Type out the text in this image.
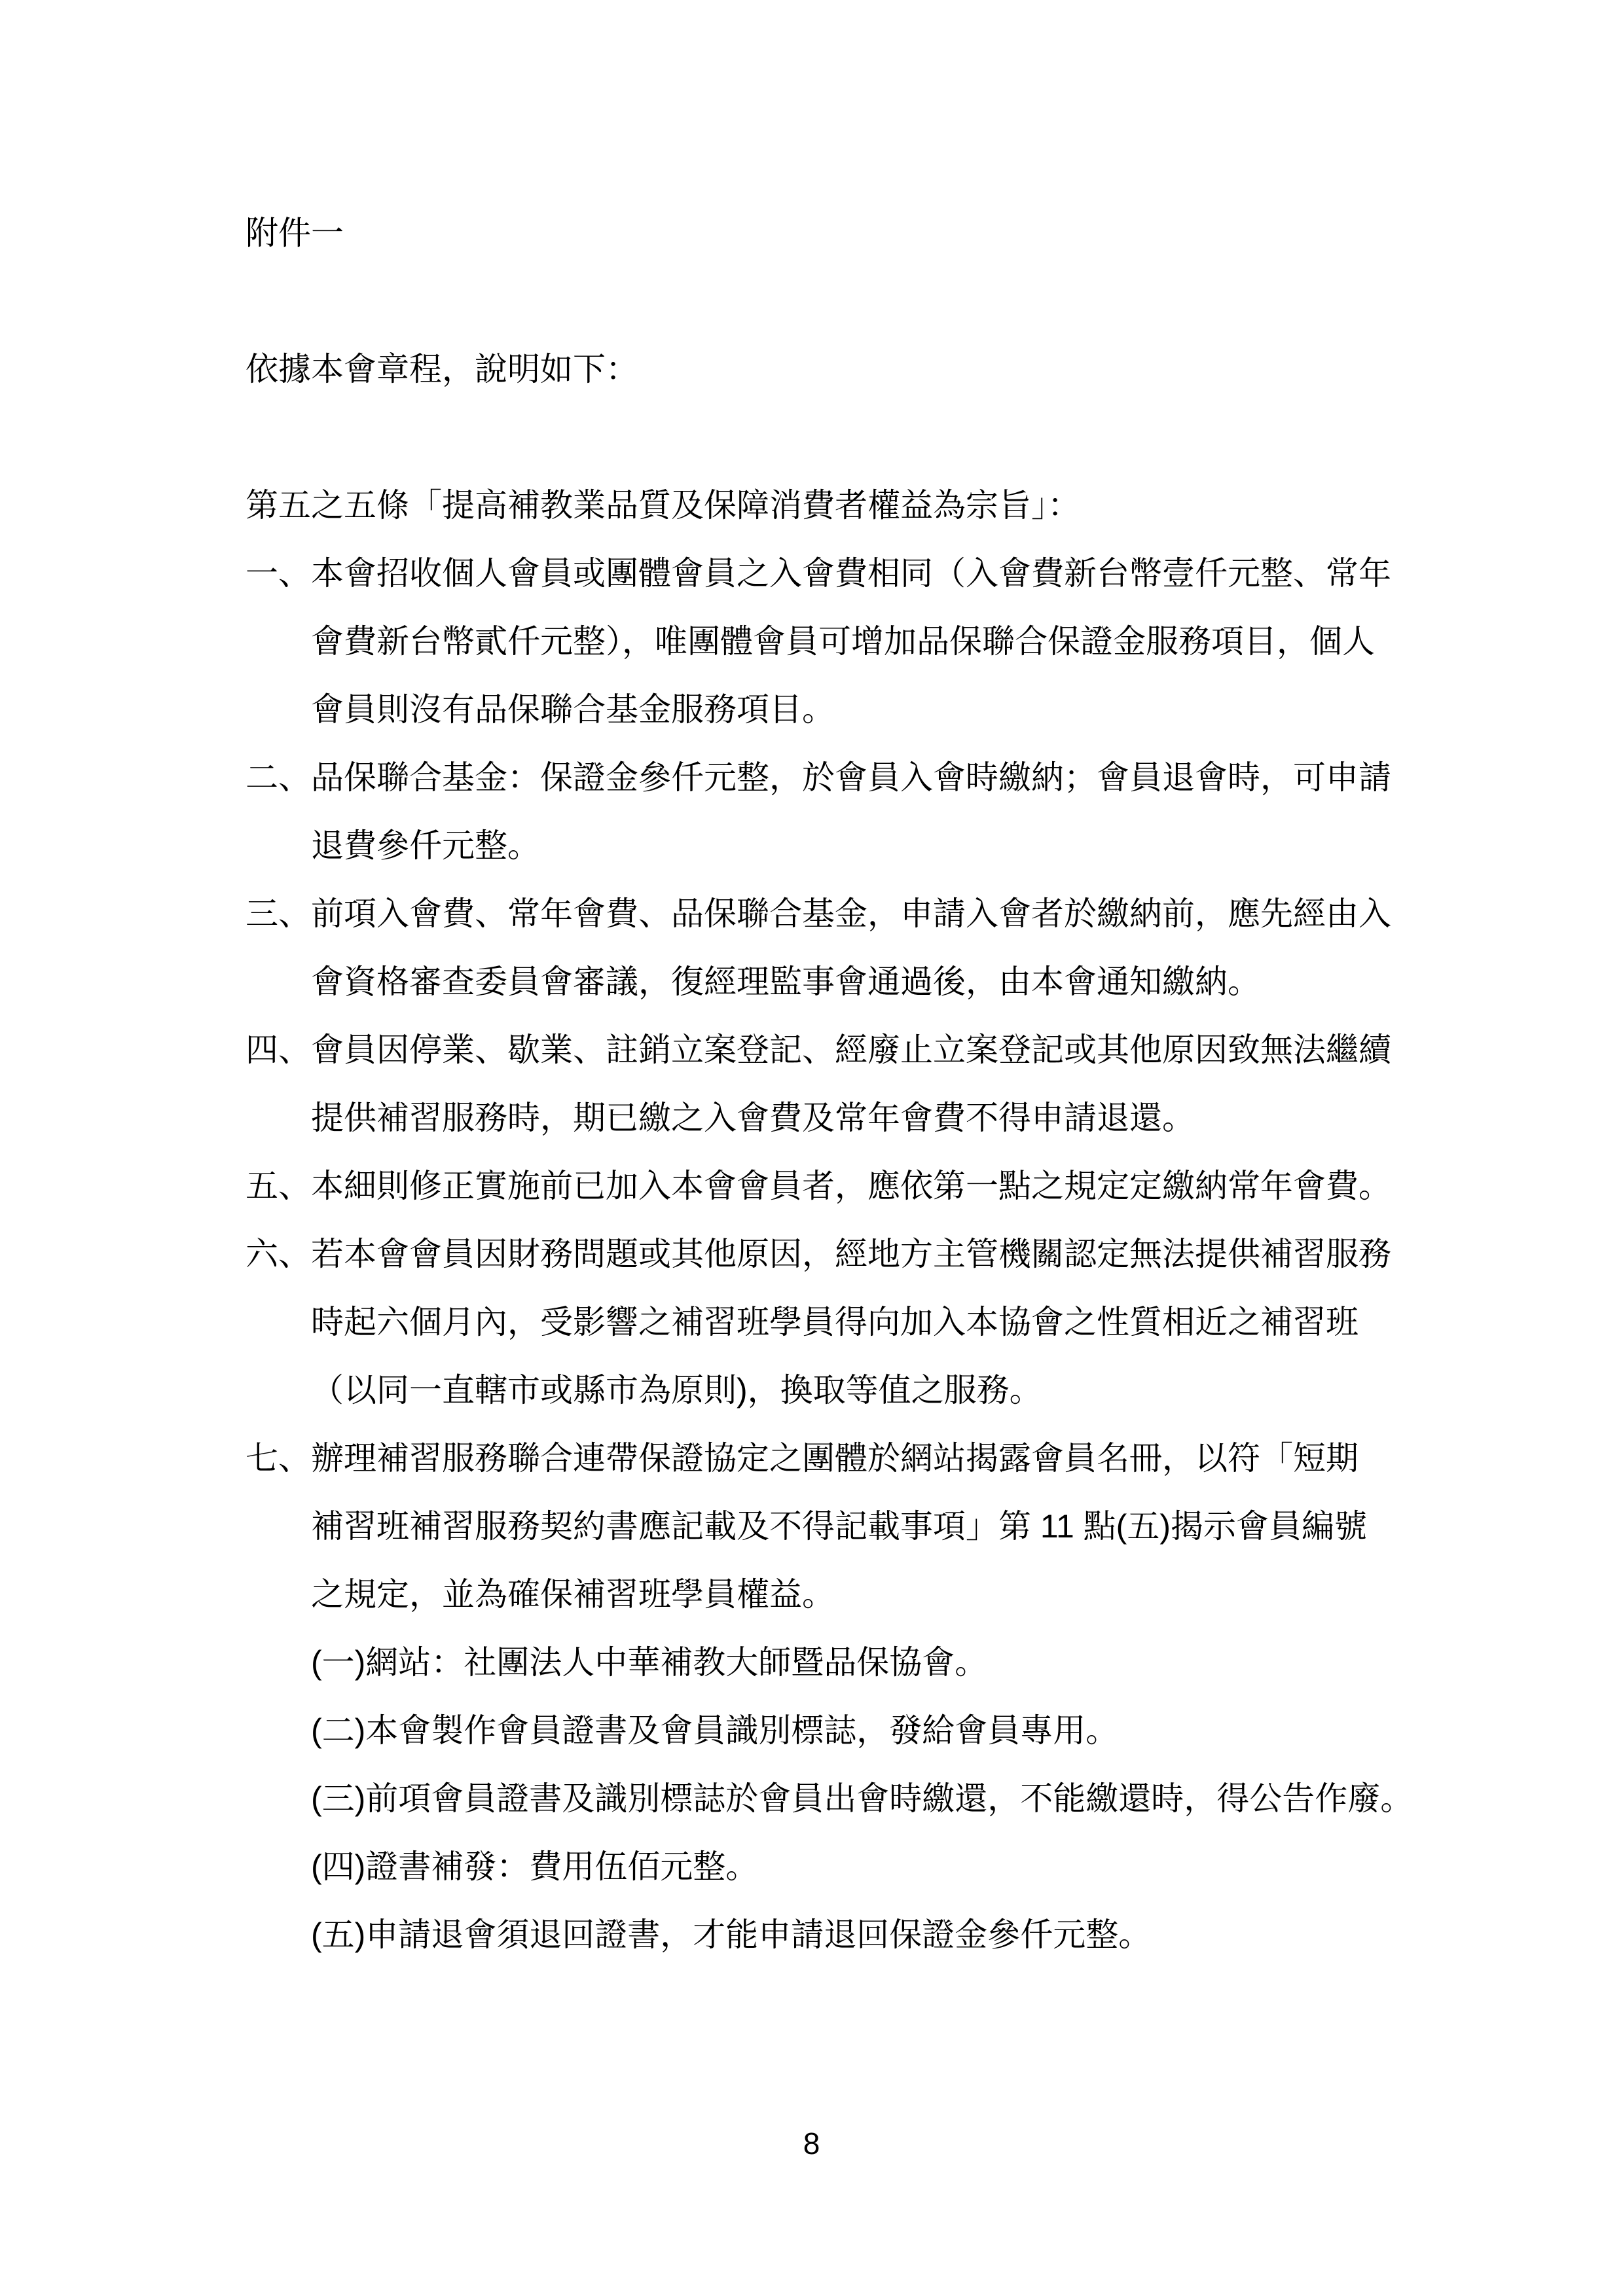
附件一
依據本會章程，說明如下：
第五之五條「提高補教業品質及保障消費者權益為宗旨」：
一、本會招收個人會員或團體會員之入會費相同（入會費新台幣壹仟元整、常年
會費新台幣貳仟元整），唯團體會員可增加品保聯合保證金服務項目，個人
會員則沒有品保聯合基金服務項目。
二、品保聯合基金：保證金參仟元整，於會員入會時繳納；會員退會時，可申請
退費參仟元整。
三、前項入會費、常年會費、品保聯合基金，申請入會者於繳納前，應先經由入
會資格審查委員會審議，復經理監事會通過後，由本會通知繳納。
四、會員因停業、歇業、註銷立案登記、經廢止立案登記或其他原因致無法繼續
提供補習服務時，期已繳之入會費及常年會費不得申請退還。
五、本細則修正實施前已加入本會會員者，應依第一點之規定定繳納常年會費。
六、若本會會員因財務問題或其他原因，經地方主管機關認定無法提供補習服務
時起六個月內，受影響之補習班學員得向加入本協會之性質相近之補習班
（以同一直轄市或縣市為原則)，換取等值之服務。
七、辦理補習服務聯合連帶保證協定之團體於網站揭露會員名冊，以符「短期
補習班補習服務契約書應記載及不得記載事項」第 11 點(五)揭示會員編號
之規定，並為確保補習班學員權益。
(一)網站：社團法人中華補教大師暨品保協會。
(二)本會製作會員證書及會員識別標誌，發給會員專用。
(三)前項會員證書及識別標誌於會員出會時繳還，不能繳還時，得公告作廢。
(四)證書補發：費用伍佰元整。
(五)申請退會須退回證書，才能申請退回保證金參仟元整。
8
